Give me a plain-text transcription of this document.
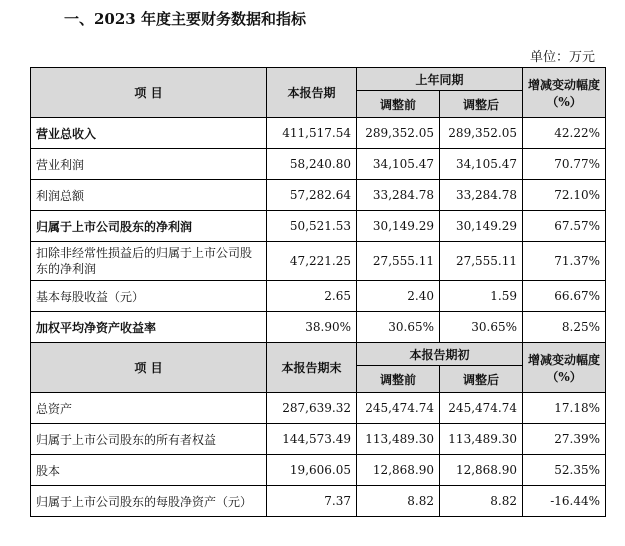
一、2023 年度主要财务数据和指标
单位：万元
项 目	本报告期	上年同期		增减变动幅度（%）
		调整前	调整后	
营业总收入	411,517.54	289,352.05	289,352.05	42.22%
营业利润	58,240.80	34,105.47	34,105.47	70.77%
利润总额	57,282.64	33,284.78	33,284.78	72.10%
归属于上市公司股东的净利润	50,521.53	30,149.29	30,149.29	67.57%
扣除非经常性损益后的归属于上市公司股东的净利润	47,221.25	27,555.11	27,555.11	71.37%
基本每股收益（元）	2.65	2.40	1.59	66.67%
加权平均净资产收益率	38.90%	30.65%	30.65%	8.25%
项 目	本报告期末	本报告期初		增减变动幅度（%）
		调整前	调整后	
总资产	287,639.32	245,474.74	245,474.74	17.18%
归属于上市公司股东的所有者权益	144,573.49	113,489.30	113,489.30	27.39%
股本	19,606.05	12,868.90	12,868.90	52.35%
归属于上市公司股东的每股净资产（元）	7.37	8.82	8.82	-16.44%
